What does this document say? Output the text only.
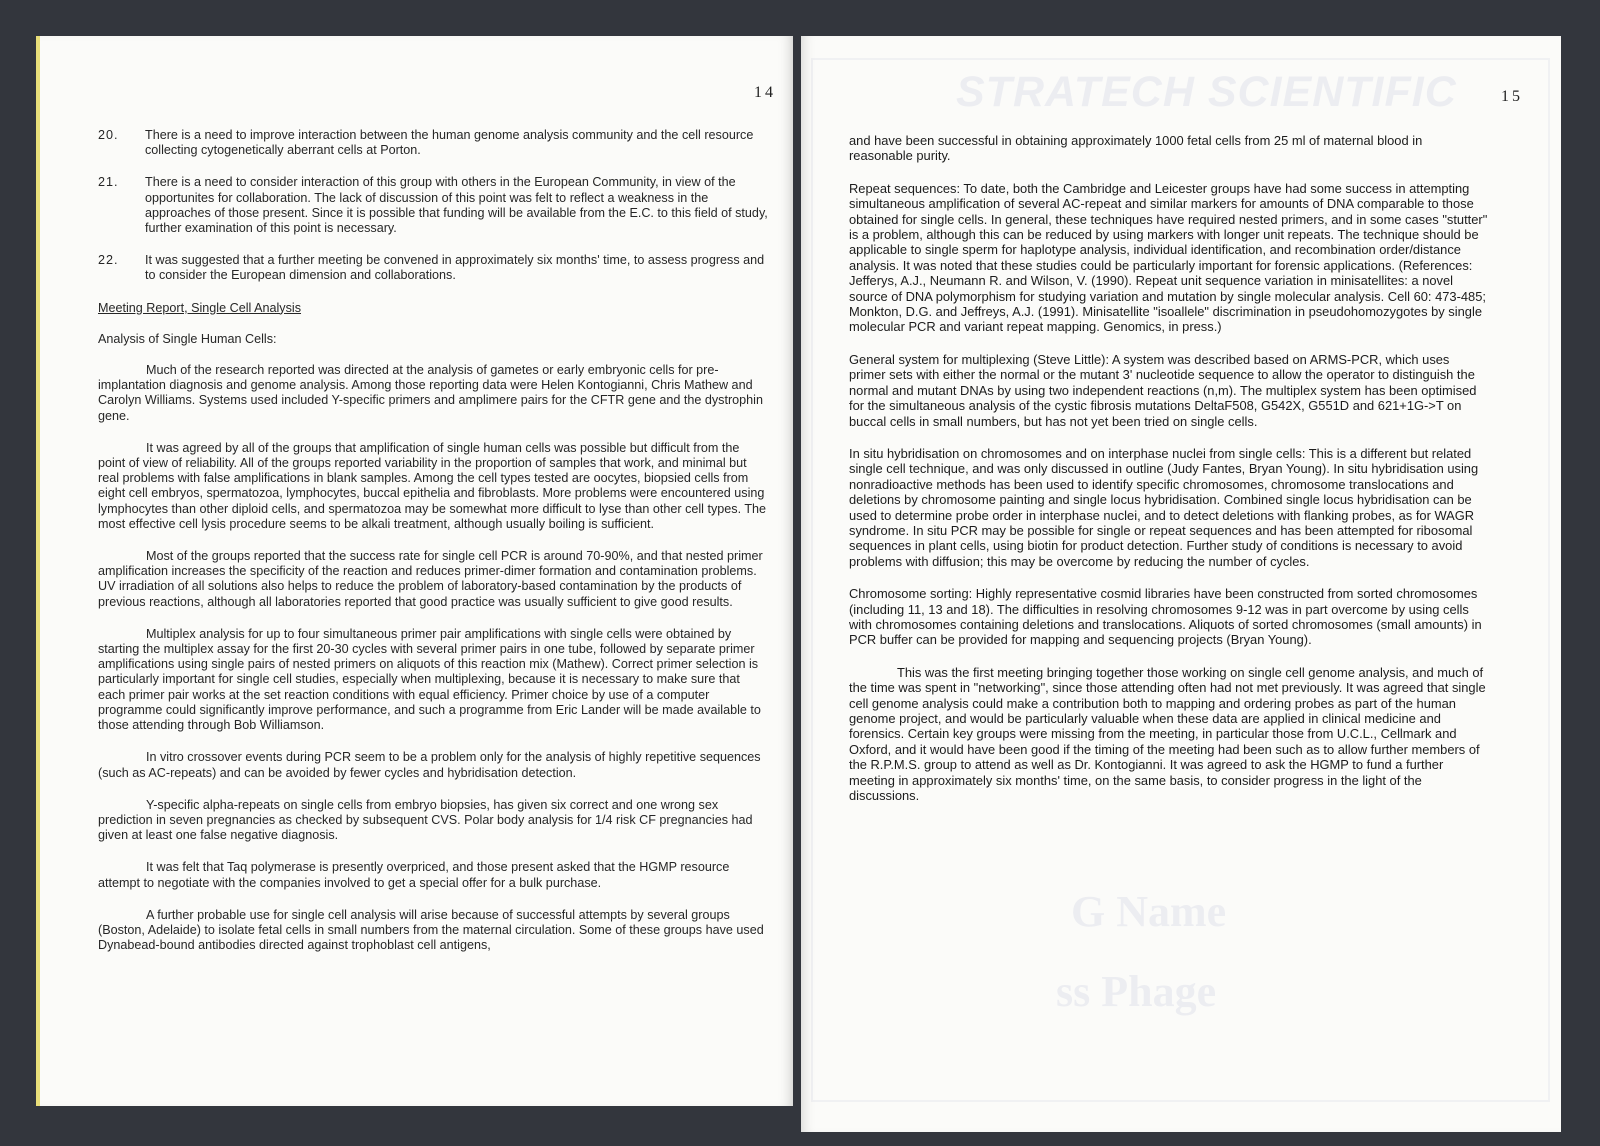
14
20.	There is a need to improve interaction between the human genome analysis community and the cell resource collecting cytogenetically aberrant cells at Porton.
21.	There is a need to consider interaction of this group with others in the European Community, in view of the opportunites for collaboration. The lack of discussion of this point was felt to reflect a weakness in the approaches of those present. Since it is possible that funding will be available from the E.C. to this field of study, further examination of this point is necessary.
22.	It was suggested that a further meeting be convened in approximately six months' time, to assess progress and to consider the European dimension and collaborations.
Meeting Report, Single Cell Analysis
Analysis of Single Human Cells:

Much of the research reported was directed at the analysis of gametes or early embryonic cells for pre-implantation diagnosis and genome analysis. Among those reporting data were Helen Kontogianni, Chris Mathew and Carolyn Williams. Systems used included Y-specific primers and amplimere pairs for the CFTR gene and the dystrophin gene.

It was agreed by all of the groups that amplification of single human cells was possible but difficult from the point of view of reliability. All of the groups reported variability in the proportion of samples that work, and minimal but real problems with false amplifications in blank samples. Among the cell types tested are oocytes, biopsied cells from eight cell embryos, spermatozoa, lymphocytes, buccal epithelia and fibroblasts. More problems were encountered using lymphocytes than other diploid cells, and spermatozoa may be somewhat more difficult to lyse than other cell types. The most effective cell lysis procedure seems to be alkali treatment, although usually boiling is sufficient.

Most of the groups reported that the success rate for single cell PCR is around 70-90%, and that nested primer amplification increases the specificity of the reaction and reduces primer-dimer formation and contamination problems. UV irradiation of all solutions also helps to reduce the problem of laboratory-based contamination by the products of previous reactions, although all laboratories reported that good practice was usually sufficient to give good results.

Multiplex analysis for up to four simultaneous primer pair amplifications with single cells were obtained by starting the multiplex assay for the first 20-30 cycles with several primer pairs in one tube, followed by separate primer amplifications using single pairs of nested primers on aliquots of this reaction mix (Mathew). Correct primer selection is particularly important for single cell studies, especially when multiplexing, because it is necessary to make sure that each primer pair works at the set reaction conditions with equal efficiency. Primer choice by use of a computer programme could significantly improve performance, and such a programme from Eric Lander will be made available to those attending through Bob Williamson.

In vitro crossover events during PCR seem to be a problem only for the analysis of highly repetitive sequences (such as AC-repeats) and can be avoided by fewer cycles and hybridisation detection.

Y-specific alpha-repeats on single cells from embryo biopsies, has given six correct and one wrong sex prediction in seven pregnancies as checked by subsequent CVS. Polar body analysis for 1/4 risk CF pregnancies had given at least one false negative diagnosis.

It was felt that Taq polymerase is presently overpriced, and those present asked that the HGMP resource attempt to negotiate with the companies involved to get a special offer for a bulk purchase.

A further probable use for single cell analysis will arise because of successful attempts by several groups (Boston, Adelaide) to isolate fetal cells in small numbers from the maternal circulation. Some of these groups have used Dynabead-bound antibodies directed against trophoblast cell antigens,

STRATECH SCIENTIFIC
G Name
ss Phage
15

and have been successful in obtaining approximately 1000 fetal cells from 25 ml of maternal blood in reasonable purity.

Repeat sequences: To date, both the Cambridge and Leicester groups have had some success in attempting simultaneous amplification of several AC-repeat and similar markers for amounts of DNA comparable to those obtained for single cells. In general, these techniques have required nested primers, and in some cases "stutter" is a problem, although this can be reduced by using markers with longer unit repeats. The technique should be applicable to single sperm for haplotype analysis, individual identification, and recombination order/distance analysis. It was noted that these studies could be particularly important for forensic applications. (References: Jefferys, A.J., Neumann R. and Wilson, V. (1990). Repeat unit sequence variation in minisatellites: a novel source of DNA polymorphism for studying variation and mutation by single molecular analysis. Cell 60: 473-485; Monkton, D.G. and Jeffreys, A.J. (1991). Minisatellite "isoallele" discrimination in pseudohomozygotes by single molecular PCR and variant repeat mapping. Genomics, in press.)

General system for multiplexing (Steve Little): A system was described based on ARMS-PCR, which uses primer sets with either the normal or the mutant 3' nucleotide sequence to allow the operator to distinguish the normal and mutant DNAs by using two independent reactions (n,m). The multiplex system has been optimised for the simultaneous analysis of the cystic fibrosis mutations DeltaF508, G542X, G551D and 621+1G->T on buccal cells in small numbers, but has not yet been tried on single cells.

In situ hybridisation on chromosomes and on interphase nuclei from single cells: This is a different but related single cell technique, and was only discussed in outline (Judy Fantes, Bryan Young). In situ hybridisation using nonradioactive methods has been used to identify specific chromosomes, chromosome translocations and deletions by chromosome painting and single locus hybridisation. Combined single locus hybridisation can be used to determine probe order in interphase nuclei, and to detect deletions with flanking probes, as for WAGR syndrome. In situ PCR may be possible for single or repeat sequences and has been attempted for ribosomal sequences in plant cells, using biotin for product detection. Further study of conditions is necessary to avoid problems with diffusion; this may be overcome by reducing the number of cycles.

Chromosome sorting: Highly representative cosmid libraries have been constructed from sorted chromosomes (including 11, 13 and 18). The difficulties in resolving chromosomes 9-12 was in part overcome by using cells with chromosomes containing deletions and translocations. Aliquots of sorted chromosomes (small amounts) in PCR buffer can be provided for mapping and sequencing projects (Bryan Young).

This was the first meeting bringing together those working on single cell genome analysis, and much of the time was spent in "networking", since those attending often had not met previously. It was agreed that single cell genome analysis could make a contribution both to mapping and ordering probes as part of the human genome project, and would be particularly valuable when these data are applied in clinical medicine and forensics. Certain key groups were missing from the meeting, in particular those from U.C.L., Cellmark and Oxford, and it would have been good if the timing of the meeting had been such as to allow further members of the R.P.M.S. group to attend as well as Dr. Kontogianni. It was agreed to ask the HGMP to fund a further meeting in approximately six months' time, on the same basis, to consider progress in the light of the discussions.
